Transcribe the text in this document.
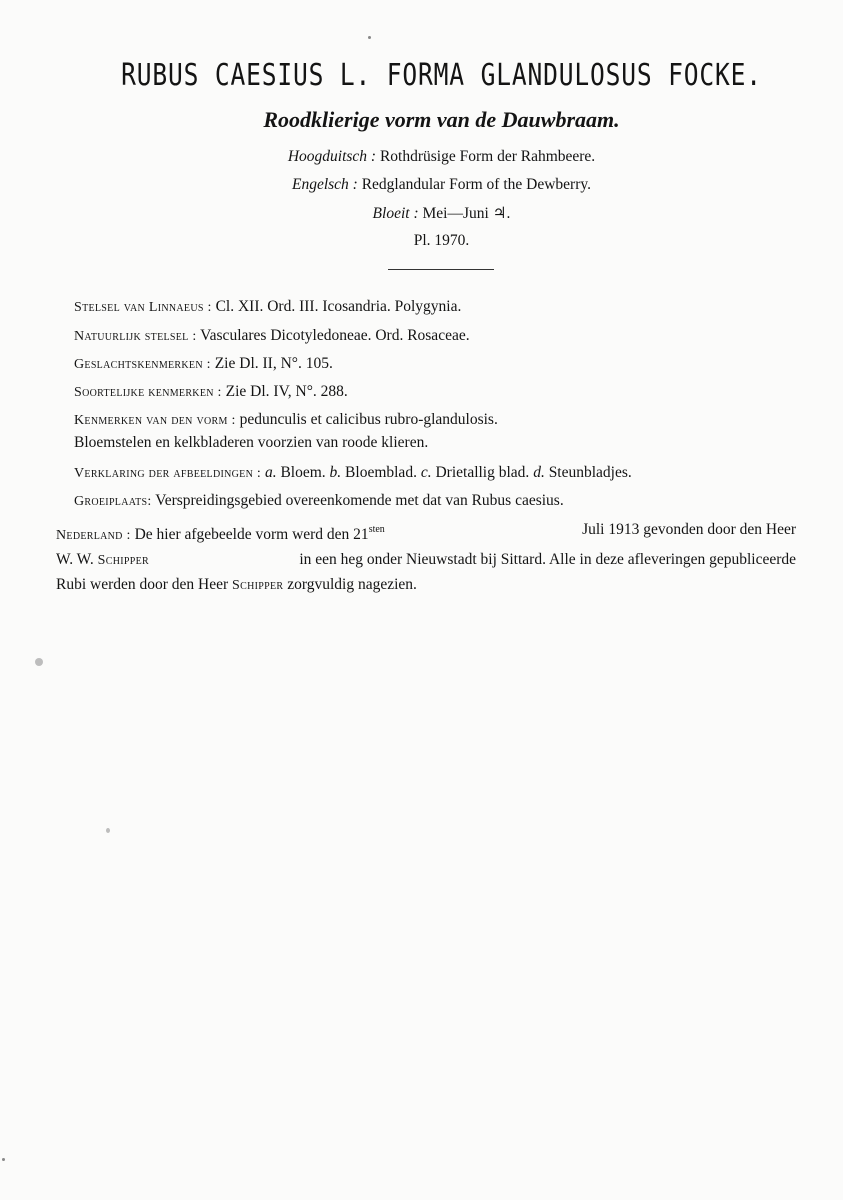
RUBUS CAESIUS L. FORMA GLANDULOSUS FOCKE.
Roodklierige vorm van de Dauwbraam.
Hoogduitsch : Rothdrüsige Form der Rahmbeere.
Engelsch : Redglandular Form of the Dewberry.
Bloeit : Mei—Juni ♃.
Pl. 1970.
Stelsel van Linnaeus : Cl. XII. Ord. III. Icosandria. Polygynia.
Natuurlijk stelsel : Vasculares Dicotyledoneae. Ord. Rosaceae.
Geslachtskenmerken : Zie Dl. II, N°. 105.
Soortelijke kenmerken : Zie Dl. IV, N°. 288.
Kenmerken van den vorm : pedunculis et calicibus rubro-glandulosis.
Bloemstelen en kelkbladeren voorzien van roode klieren.
Verklaring der afbeeldingen : a. Bloem. b. Bloemblad. c. Drietallig blad. d. Steunbladjes.
Groeiplaats: Verspreidingsgebied overeenkomende met dat van Rubus caesius.
Nederland : De hier afgebeelde vorm werd den $21^{sten}$	Juli 1913 gevonden door den Heer
W. W. Schipper	in een heg onder Nieuwstadt bij Sittard. Alle in deze afleveringen gepubliceerde
Rubi werden door den Heer Schipper zorgvuldig nagezien.
